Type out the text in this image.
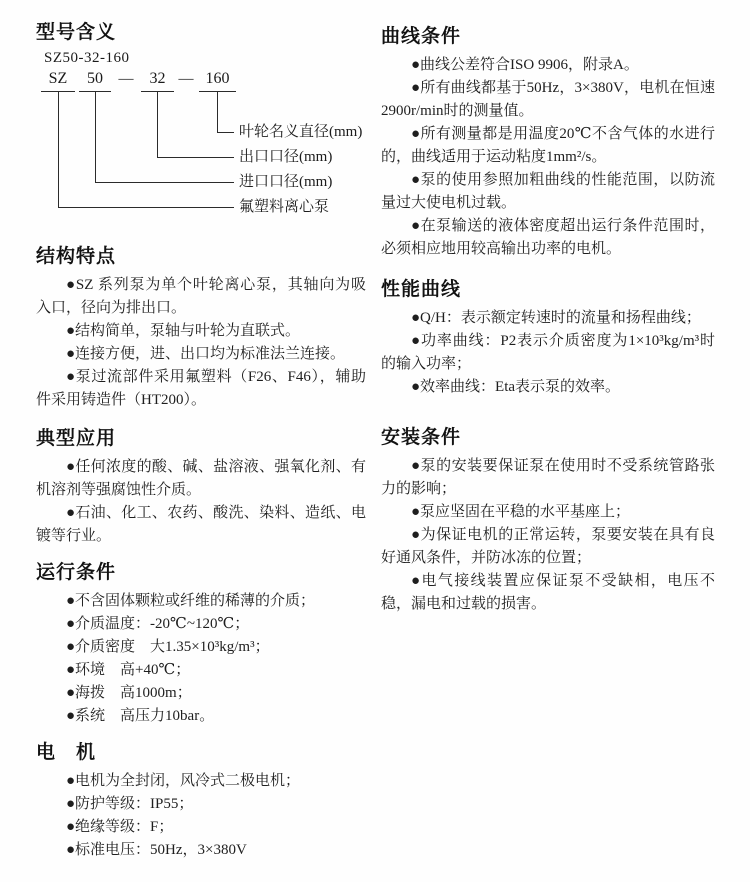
型号含义
SZ50-32-160
SZ	50	—	32 — 160
叶轮名义直径(mm)
出口口径(mm)
进口口径(mm)
氟塑料离心泵
结构特点

●SZ 系列泵为单个叶轮离心泵，其轴向为吸入口，径向为排出口。

●结构简单，泵轴与叶轮为直联式。

●连接方便，进、出口均为标准法兰连接。

●泵过流部件采用氟塑料（F26、F46），辅助件采用铸造件（HT200）。

典型应用

●任何浓度的酸、碱、盐溶液、强氧化剂、有机溶剂等强腐蚀性介质。

●石油、化工、农药、酸洗、染料、造纸、电镀等行业。

运行条件

●不含固体颗粒或纤维的稀薄的介质；

●介质温度：-20℃~120℃；

●介质密度　大1.35×10³kg/m³；

●环境　高+40℃；

●海拨　高1000m；

●系统　高压力10bar。

电　机

●电机为全封闭，风冷式二极电机；

●防护等级：IP55；

●绝缘等级：F；

●标准电压：50Hz，3×380V

曲线条件

●曲线公差符合ISO 9906，附录A。

●所有曲线都基于50Hz，3×380V，电机在恒速2900r/min时的测量值。

●所有测量都是用温度20℃不含气体的水进行的，曲线适用于运动粘度1mm²/s。

●泵的使用参照加粗曲线的性能范围，以防流量过大使电机过载。

●在泵输送的液体密度超出运行条件范围时，必须相应地用较高输出功率的电机。

性能曲线

●Q/H：表示额定转速时的流量和扬程曲线；

●功率曲线：P2表示介质密度为1×10³kg/m³时的输入功率；

●效率曲线：Eta表示泵的效率。

安装条件

●泵的安装要保证泵在使用时不受系统管路张力的影响；

●泵应坚固在平稳的水平基座上；

●为保证电机的正常运转，泵要安装在具有良好通风条件，并防冰冻的位置；

●电气接线装置应保证泵不受缺相，电压不稳，漏电和过载的损害。
